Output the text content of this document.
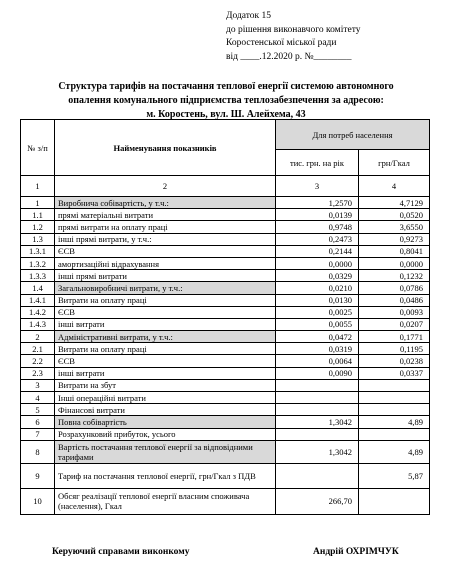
Додаток 15
до рішення виконавчого комітету
Коростенської міської ради
від ____.12.2020 р. №________
Структура тарифів на постачання теплової енергії системою автономного
опалення комунального підприємства теплозабезпечення за адресою:
м. Коростень, вул. Ш. Алейхема, 43
№ з/п	Найменування показників	Для потреб населення	
		тис. грн. на рік	грн/Гкал
1	2	3	4
1	Виробнича собівартість, у т.ч.:	1,2570	4,7129
1.1	прямі матеріальні витрати	0,0139	0,0520
1.2	прямі витрати на оплату праці	0,9748	3,6550
1.3	інші прямі витрати, у т.ч.:	0,2473	0,9273
1.3.1	ЄСВ	0,2144	0,8041
1.3.2	амортизаційні відрахування	0,0000	0,0000
1.3.3	інші прямі витрати	0,0329	0,1232
1.4	Загальновиробничі витрати, у т.ч.:	0,0210	0,0786
1.4.1	Витрати на оплату праці	0,0130	0,0486
1.4.2	ЄСВ	0,0025	0,0093
1.4.3	інші витрати	0,0055	0,0207
2	Адміністративні витрати, у т.ч.:	0,0472	0,1771
2.1	Витрати на оплату праці	0,0319	0,1195
2.2	ЄСВ	0,0064	0,0238
2.3	інші витрати	0,0090	0,0337
3	Витрати на збут		
4	Інші операційні витрати		
5	Фінансові витрати		
6	Повна собівартість	1,3042	4,89
7	Розрахунковий прибуток, усього		
8	Вартість постачання теплової енергії за відповідними тарифами	1,3042	4,89
9	Тариф на постачання теплової енергії, грн/Гкал з ПДВ		5,87
10	Обсяг реалізації теплової енергії власним споживача (населення), Гкал	266,70	
Керуючий справами виконкому	Андрій ОХРІМЧУК
